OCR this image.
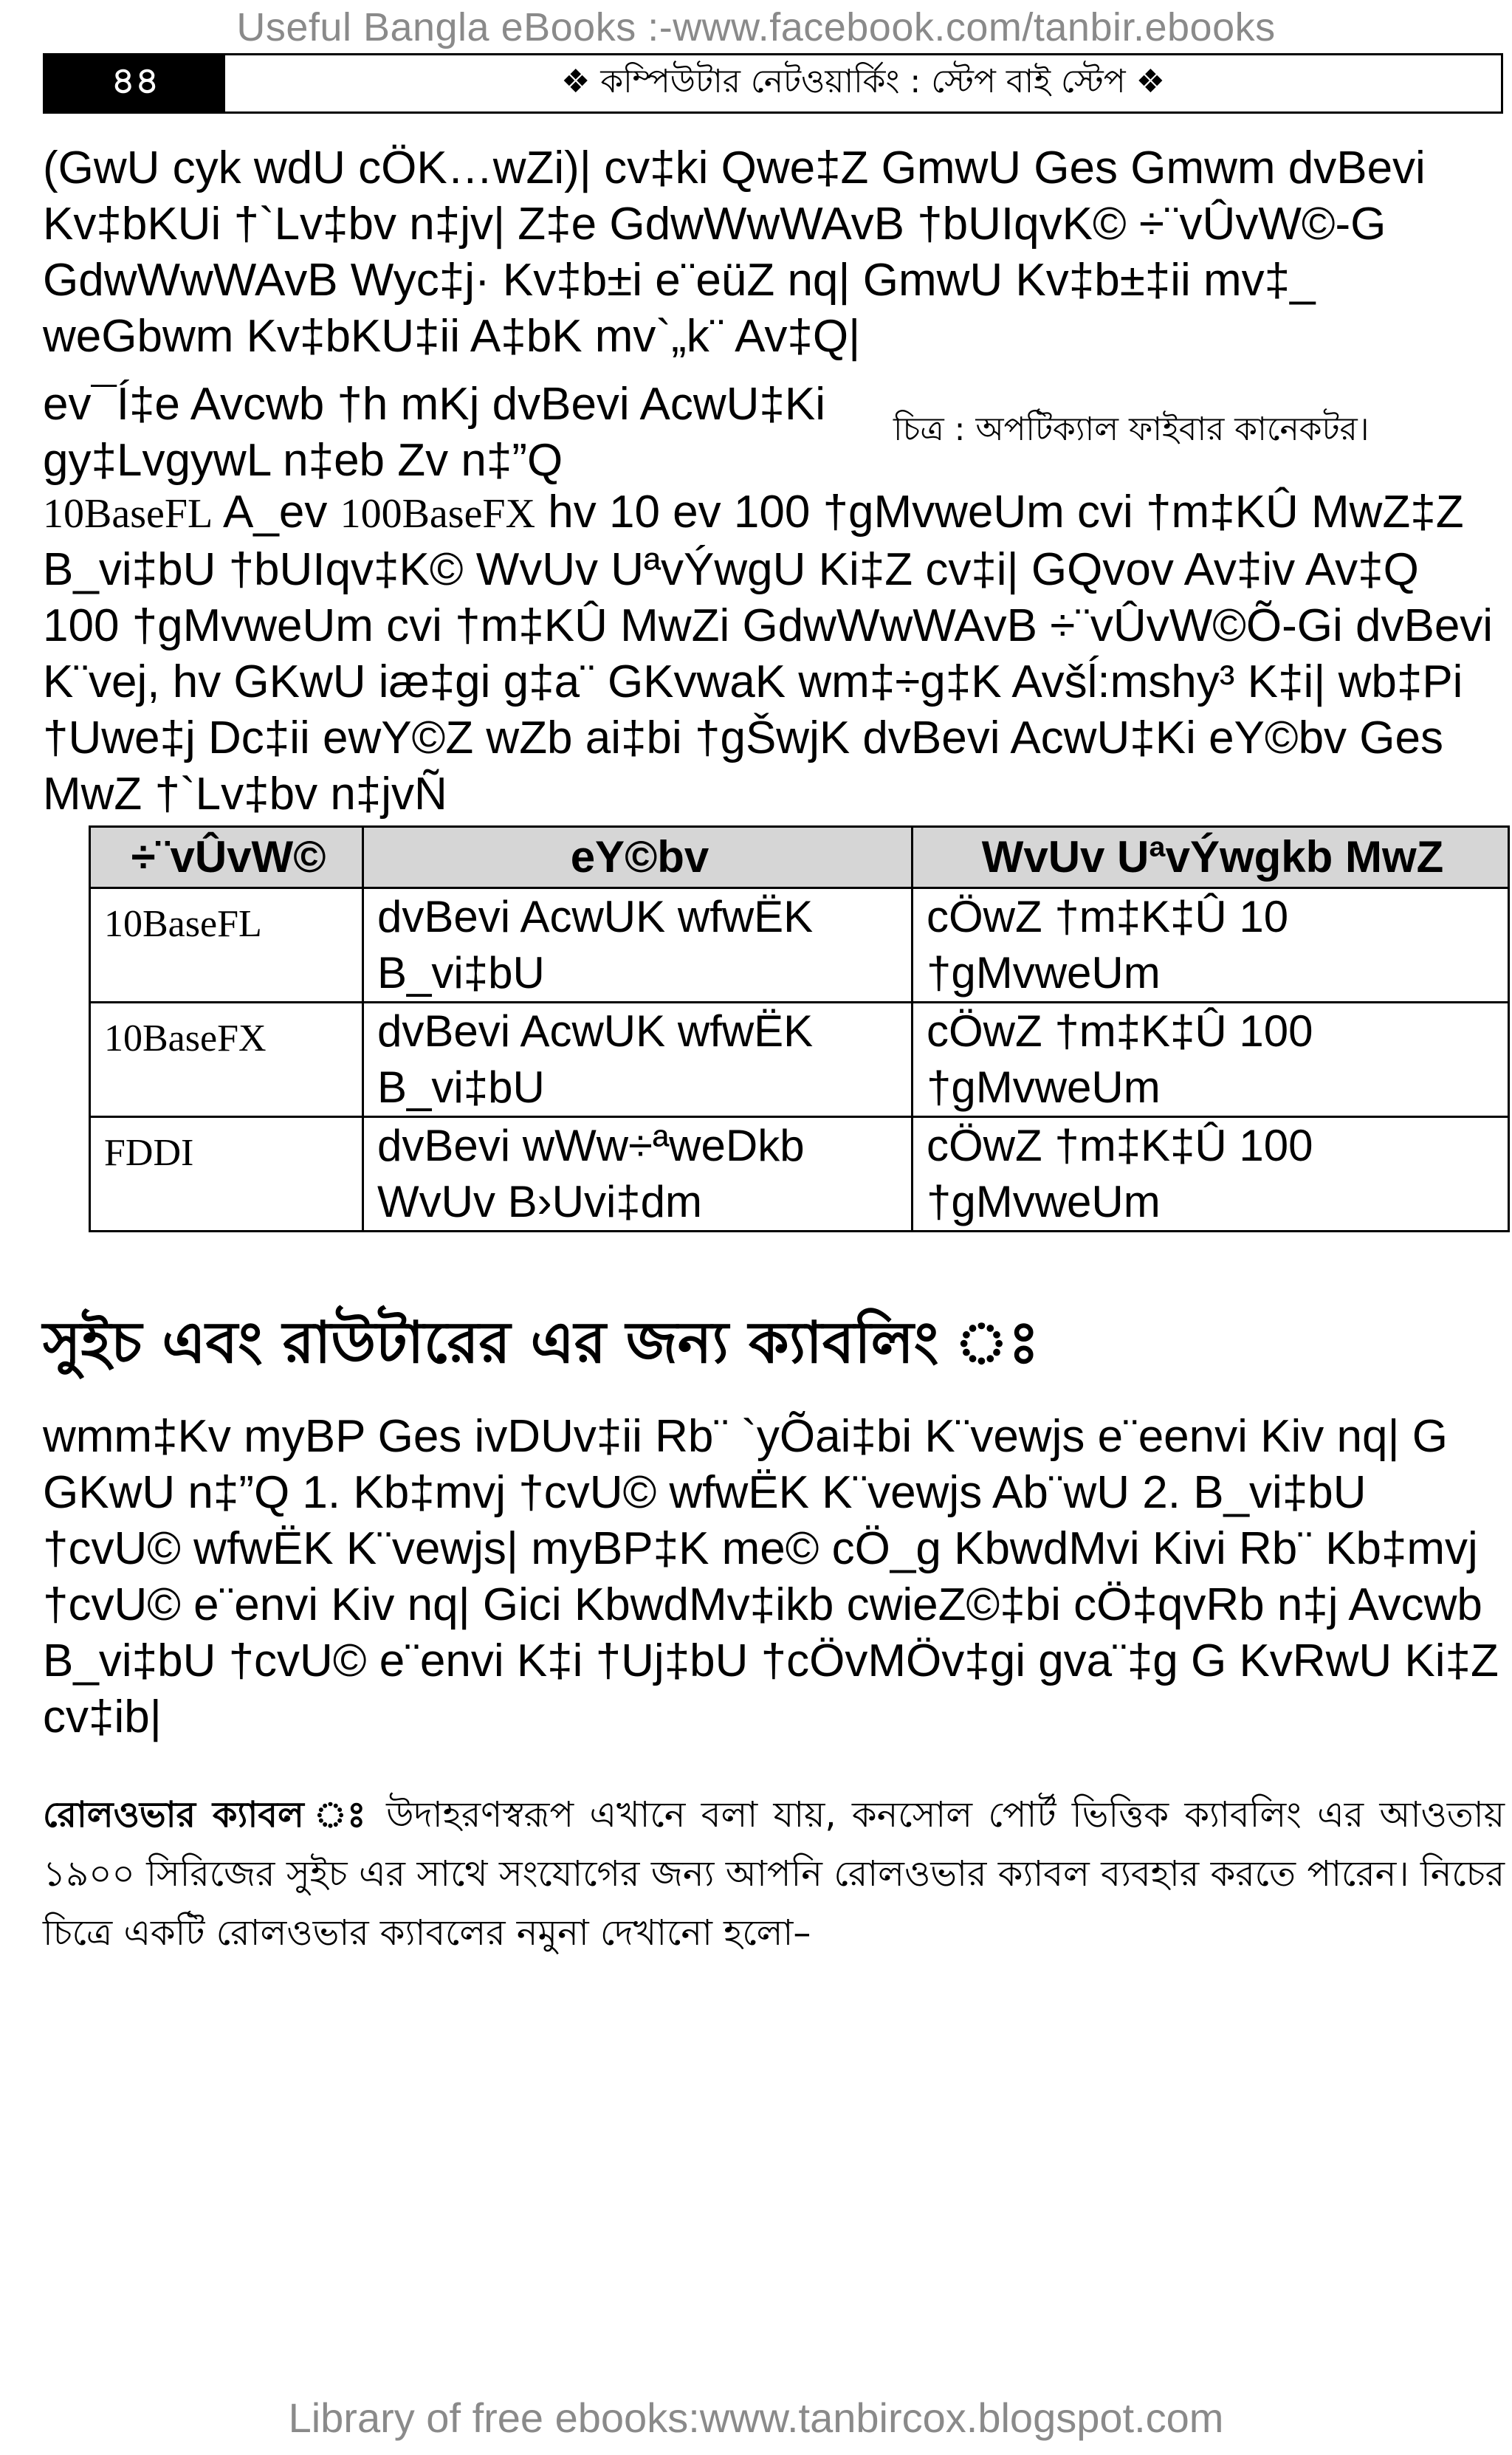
Useful Bangla eBooks :-www.facebook.com/tanbir.ebooks
৪৪	❖ কম্পিউটার নেটওয়ার্কিং : স্টেপ বাই স্টেপ ❖
(GwU cyk wdU cÖK…wZi)| cv‡ki Qwe‡Z GmwU Ges Gmwm dvBevi Kv‡bKUi †`Lv‡bv n‡jv| Z‡e GdwWwWAvB †bUIqvK© ÷¨vÛvW©-G GdwWwWAvB Wyc‡j· Kv‡b±i e¨eüZ nq| GmwU Kv‡b±‡ii mv‡_ weGbwm Kv‡bKU‡ii A‡bK mv`„k¨ Av‡Q|
ev¯Í‡e Avcwb †h mKj dvBevi AcwU‡Ki gy‡LvgywL n‡eb Zv n‡”Q
চিত্র : অপটিক্যাল ফাইবার কানেকটর।
10BaseFL A_ev 100BaseFX hv 10 ev 100 †gMvweUm cvi †m‡KÛ MwZ‡Z B_vi‡bU †bUIqv‡K© WvUv UªvÝwgU Ki‡Z cv‡i| GQvov Av‡iv Av‡Q 100 †gMvweUm cvi †m‡KÛ MwZi GdwWwWAvB ÷¨vÛvW©Õ-Gi dvBevi K¨vej, hv GKwU iæ‡gi g‡a¨ GKvwaK wm‡÷g‡K Avšĺ:mshy³ K‡i| wb‡Pi †Uwe‡j Dc‡ii ewY©Z wZb ai‡bi †gŠwjK dvBevi AcwU‡Ki eY©bv Ges MwZ †`Lv‡bv n‡jvÑ
÷¨vÛvW©	eY©bv	WvUv UªvÝwgkb MwZ
10BaseFL	dvBevi AcwUK wfwËK B_vi‡bU	cÖwZ †m‡K‡Û 10 †gMvweUm
10BaseFX	dvBevi AcwUK wfwËK B_vi‡bU	cÖwZ †m‡K‡Û 100 †gMvweUm
FDDI	dvBevi wWw÷ªweDkb WvUv B›Uvi‡dm	cÖwZ †m‡K‡Û 100 †gMvweUm
সুইচ এবং রাউটারের এর জন্য ক্যাবলিং ঃ
wmm‡Kv myBP Ges ivDUv‡ii Rb¨ `yÕai‡bi K¨vewjs e¨eenvi Kiv nq| G GKwU n‡”Q 1. Kb‡mvj †cvU© wfwËK K¨vewjs Ab¨wU 2. B_vi‡bU †cvU© wfwËK K¨vewjs| myBP‡K me© cÖ_g KbwdMvi Kivi Rb¨ Kb‡mvj †cvU© e¨envi Kiv nq| Gici KbwdMv‡ikb cwieZ©‡bi cÖ‡qvRb n‡j Avcwb B_vi‡bU †cvU© e¨envi K‡i †Uj‡bU †cÖvMÖv‡gi gva¨‡g G KvRwU Ki‡Z cv‡ib|
রোলওভার ক্যাবল ঃ উদাহরণস্বরূপ এখানে বলা যায়, কনসোল পোর্ট ভিত্তিক ক্যাবলিং এর আওতায় ১৯০০ সিরিজের সুইচ এর সাথে সংযোগের জন্য আপনি রোলওভার ক্যাবল ব্যবহার করতে পারেন। নিচের চিত্রে একটি রোলওভার ক্যাবলের নমুনা দেখানো হলো–
Library of free ebooks:www.tanbircox.blogspot.com
